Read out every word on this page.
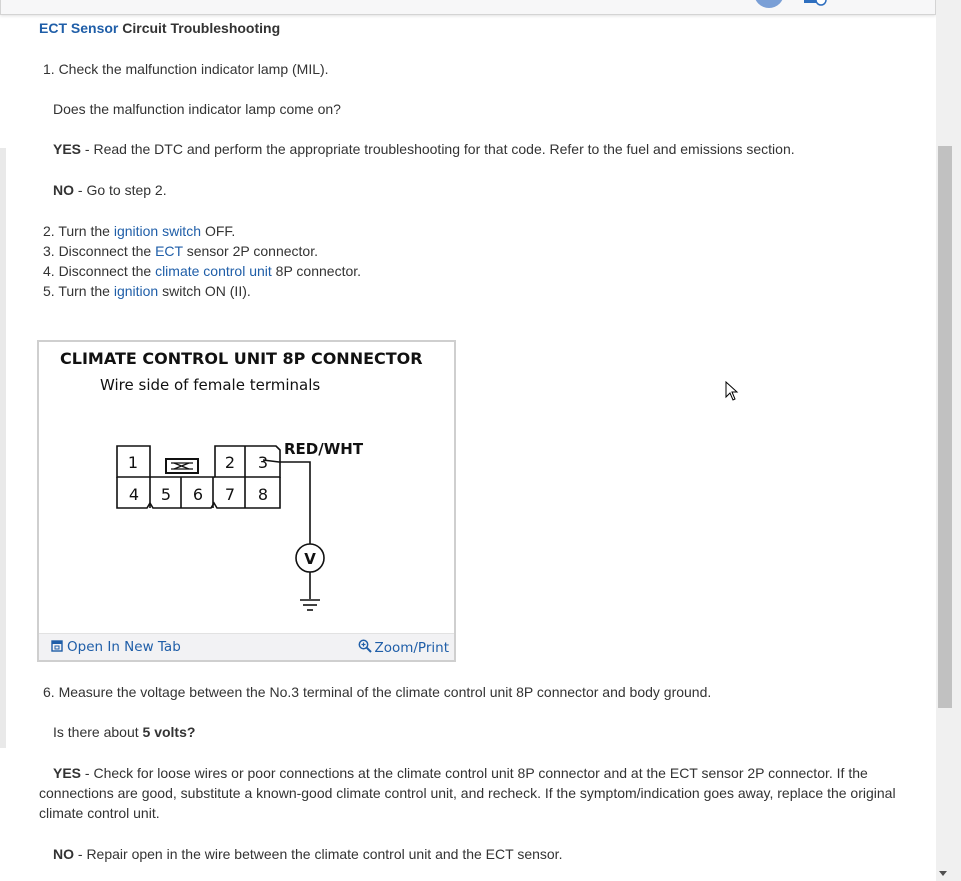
ECT Sensor Circuit Troubleshooting
1. Check the malfunction indicator lamp (MIL).
Does the malfunction indicator lamp come on?
YES - Read the DTC and perform the appropriate troubleshooting for that code. Refer to the fuel and emissions section.
NO - Go to step 2.
2. Turn the ignition switch OFF.
3. Disconnect the ECT sensor 2P connector.
4. Disconnect the climate control unit 8P connector.
5. Turn the ignition switch ON (II).
CLIMATE CONTROL UNIT 8P CONNECTOR
Wire side of female terminals
1	2 3
4 5 6 7 8
RED/WHT
V
Open In New Tab	Zoom/Print
6. Measure the voltage between the No.3 terminal of the climate control unit 8P connector and body ground.
Is there about 5 volts?
YES - Check for loose wires or poor connections at the climate control unit 8P connector and at the ECT sensor 2P connector. If the connections are good, substitute a known-good climate control unit, and recheck. If the symptom/indication goes away, replace the original climate control unit.
NO - Repair open in the wire between the climate control unit and the ECT sensor.
